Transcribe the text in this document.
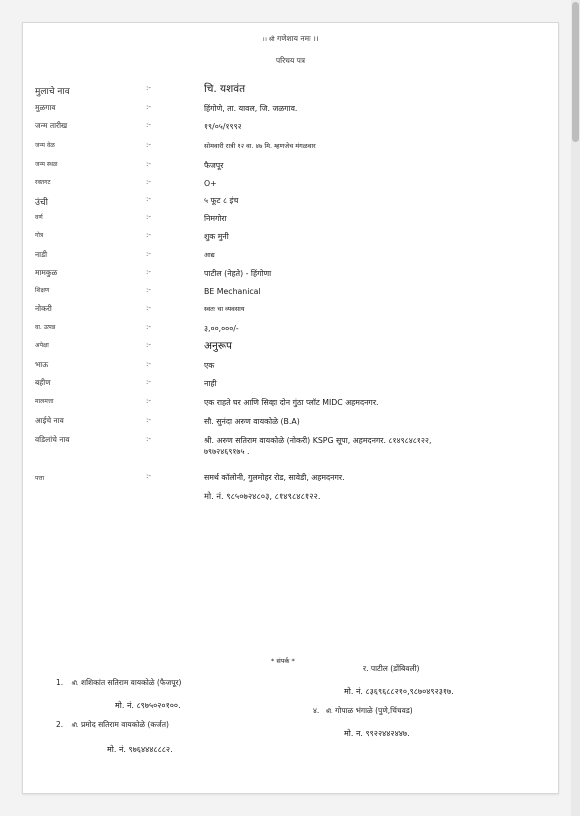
।। श्री गणेशाय नमः ।।
परिचय पत्र
मुलाचे नाव	:-	चि. यशवंत
मुळगाव	:-	हिंगोणे, ता. यावल, जि. जळगाव.
जन्म तारीख	:-	१९/०५/१९९२
जन्म वेळ	:-	सोमवारी रात्री १२ वा. ४७ मि. म्हणजेच मंगळवार
जन्म स्थळ	:-	फैजपूर
रक्तगट	:-	O+
उंची	:-	५ फूट ८ इंच
वर्ण	:-	निमगोरा
गोत्र	:-	शुक मुनी
नाडी	:-	आद्य
मामकुळ	:-	पाटील (नेहते) - हिंगोणा
शिक्षण	:-	BE Mechanical
नोकरी	:-	स्वतः चा व्यवसाय
वा. उत्पन्न	:-	३,००,०००/-
अपेक्षा	:-	अनुरूप
भाऊ	:-	एक
बहीण	:-	नाही
मालमत्ता	:-	एक राहते घर आणि सिव्हा दोन गुंठा प्लॉट MIDC अहमदनगर.
आईचे नाव	:-	सौ. सुनंदा अरुण वायकोळे (B.A)
वडिलांचे नाव	:-	श्री. अरुण सतिराम वायकोळे (नोकरी) KSPG सूपा, अहमदनगर. ८१४९८४८१२२,
७९७२४६९१७५ .
पत्ता	:-	समर्थ कॉलोनी, गुलमोहर रोड, सावेडी, अहमदनगर.
मो. नं. ९८५०७२४८०३, ८१४९८४८१२२.
* संपर्क *
1. श्री. शशिकांत सतिराम वायकोळे (फैजपूर)
मो. नं. ८९७५०२०१००.
2. श्री. प्रमोद सतिराम वायकोळे (कर्जत)
मो. नं. ९७६४४४८८८२.
र. पाटील (डोंबिवली)
मो. नं. ८३६९६८८२१०,९८७०४९२३१७.
४. श्री. गोपाळ भंगाळे (पुणे,चिंचवड)
मो. न. ९९२२४४२४४७.
